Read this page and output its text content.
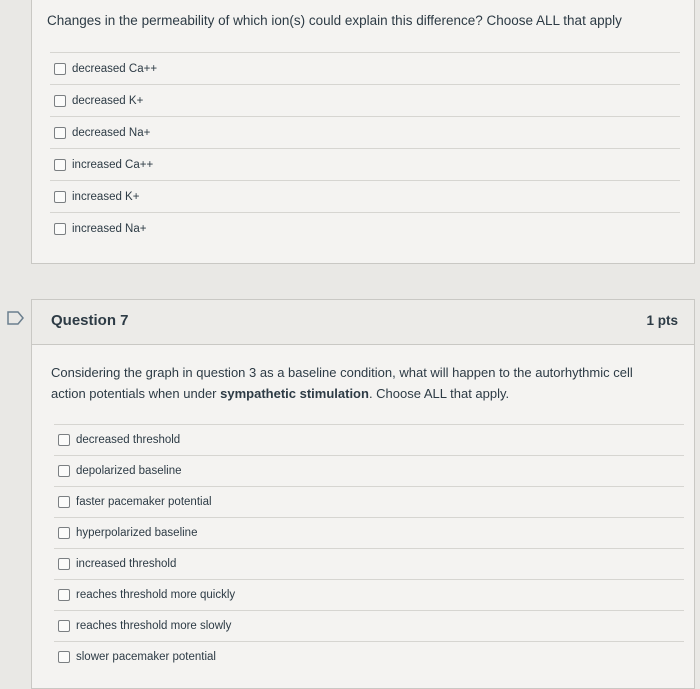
Changes in the permeability of which ion(s) could explain this difference? Choose ALL that apply
decreased Ca++
decreased K+
decreased Na+
increased Ca++
increased K+
increased Na+
Question 7	1 pts
Considering the graph in question 3 as a baseline condition, what will happen to the autorhythmic cell action potentials when under sympathetic stimulation. Choose ALL that apply.
decreased threshold
depolarized baseline
faster pacemaker potential
hyperpolarized baseline
increased threshold
reaches threshold more quickly
reaches threshold more slowly
slower pacemaker potential
